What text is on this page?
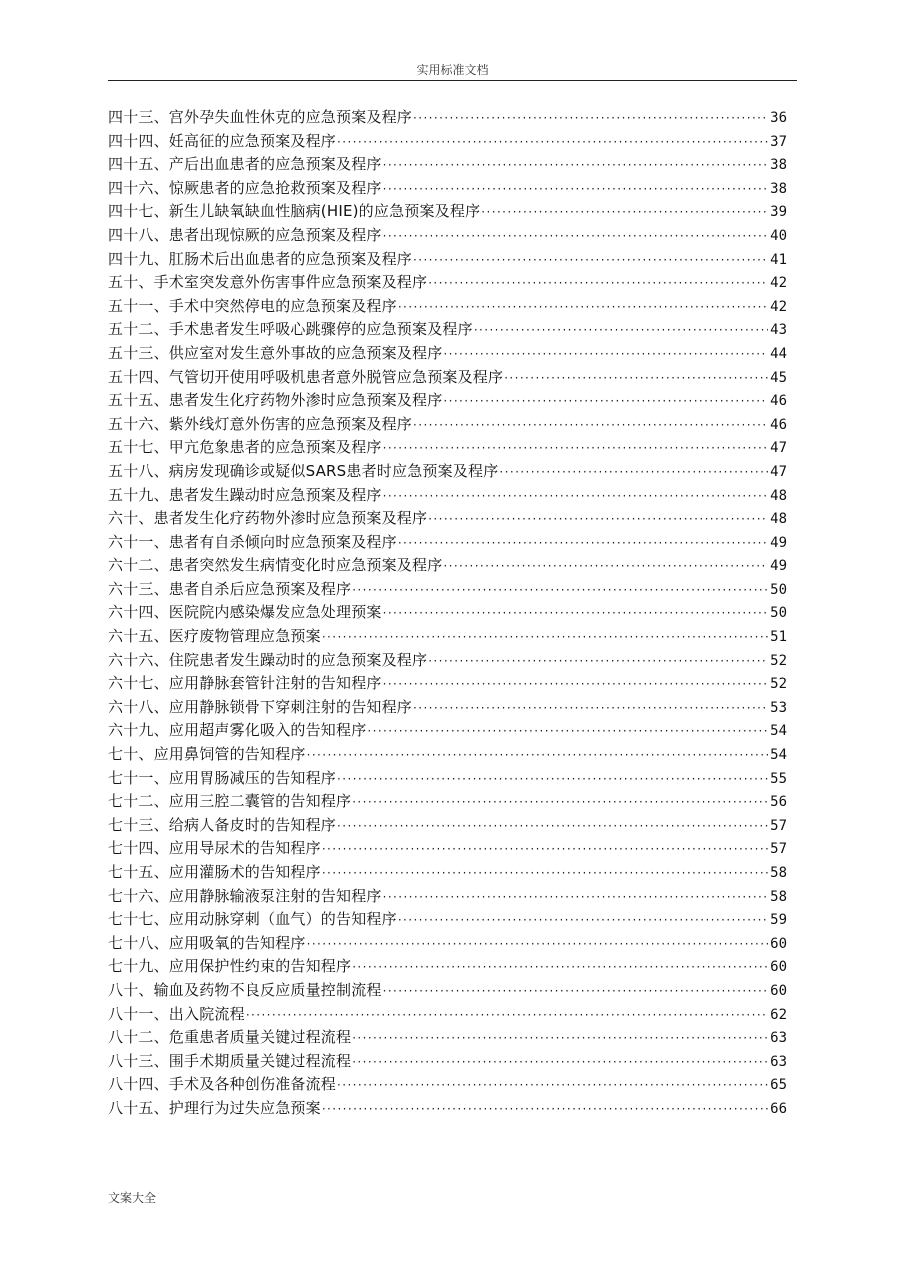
实用标准文档
四十三、宫外孕失血性休克的应急预案及程序 ·····	36
四十四、妊高征的应急预案及程序 ·····	37
四十五、产后出血患者的应急预案及程序 ·····	38
四十六、惊厥患者的应急抢救预案及程序 ·····	38
四十七、新生儿缺氧缺血性脑病(HIE)的应急预案及程序 ·····	39
四十八、患者出现惊厥的应急预案及程序 ·····	40
四十九、肛肠术后出血患者的应急预案及程序 ·····	41
五十、手术室突发意外伤害事件应急预案及程序 ·····	42
五十一、手术中突然停电的应急预案及程序 ·····	42
五十二、手术患者发生呼吸心跳骤停的应急预案及程序 ·····	43
五十三、供应室对发生意外事故的应急预案及程序 ·····	44
五十四、气管切开使用呼吸机患者意外脱管应急预案及程序 ·····	45
五十五、患者发生化疗药物外渗时应急预案及程序 ·····	46
五十六、紫外线灯意外伤害的应急预案及程序 ·····	46
五十七、甲亢危象患者的应急预案及程序 ·····	47
五十八、病房发现确诊或疑似SARS患者时应急预案及程序 ·····	47
五十九、患者发生躁动时应急预案及程序 ·····	48
六十、患者发生化疗药物外渗时应急预案及程序 ·····	48
六十一、患者有自杀倾向时应急预案及程序 ·····	49
六十二、患者突然发生病情变化时应急预案及程序 ·····	49
六十三、患者自杀后应急预案及程序 ·····	50
六十四、医院院内感染爆发应急处理预案 ·····	50
六十五、医疗废物管理应急预案 ·····	51
六十六、住院患者发生躁动时的应急预案及程序 ·····	52
六十七、应用静脉套管针注射的告知程序 ·····	52
六十八、应用静脉锁骨下穿刺注射的告知程序 ·····	53
六十九、应用超声雾化吸入的告知程序 ·····	54
七十、应用鼻饲管的告知程序 ·····	54
七十一、应用胃肠减压的告知程序 ·····	55
七十二、应用三腔二囊管的告知程序 ·····	56
七十三、给病人备皮时的告知程序 ·····	57
七十四、应用导尿术的告知程序 ·····	57
七十五、应用灌肠术的告知程序 ·····	58
七十六、应用静脉输液泵注射的告知程序 ·····	58
七十七、应用动脉穿刺（血气）的告知程序 ·····	59
七十八、应用吸氧的告知程序 ·····	60
七十九、应用保护性约束的告知程序 ·····	60
八十、输血及药物不良反应质量控制流程 ·····	60
八十一、出入院流程 ·····	62
八十二、危重患者质量关键过程流程 ·····	63
八十三、围手术期质量关键过程流程 ·····	63
八十四、手术及各种创伤准备流程 ·····	65
八十五、护理行为过失应急预案 ·····	66
文案大全
